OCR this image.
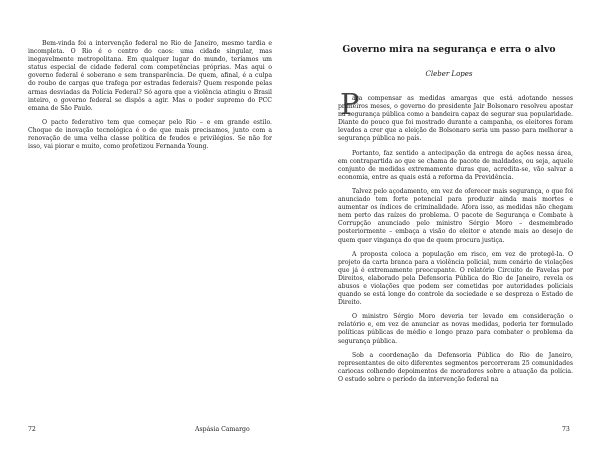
Bem-vinda foi a intervenção federal no Rio de Janeiro, mesmo tardia e incompleta. O Rio é o centro do caos: uma cidade singular, mas inegavelmente metropolitana. Em qualquer lugar do mundo, teríamos um status especial de cidade federal com competências próprias. Mas aqui o governo federal é soberano e sem transparência. De quem, afinal, é a culpa do roubo de cargas que trafega por estradas federais? Quem responde pelas armas desviadas da Polícia Federal? Só agora que a violência atingiu o Brasil inteiro, o governo federal se dispôs a agir. Mas o poder supremo do PCC emana de São Paulo.

O pacto federativo tem que começar pelo Rio – e em grande estilo. Choque de inovação tecnológica é o de que mais precisamos, junto com a renovação de uma velha classe política de feudos e privilégios. Se não for isso, vai piorar e muito, como profetizou Fernanda Young.

72	Aspásia Camargo
Governo mira na segurança e erra o alvo
Cleber Lopes
P

ara compensar as medidas amargas que está adotando nesses primeiros meses, o governo do presidente Jair Bolsonaro resolveu apostar na segurança pública como a bandeira capaz de segurar sua popularidade. Diante do pouco que foi mostrado durante a campanha, os eleitores foram levados a crer que a eleição de Bolsonaro seria um passo para melhorar a segurança pública no país.

Portanto, faz sentido a antecipação da entrega de ações nessa área, em contrapartida ao que se chama de pacote de maldades, ou seja, aquele conjunto de medidas extremamente duras que, acredita-se, vão salvar a economia, entre as quais está a reforma da Previdência.

Talvez pelo açodamento, em vez de oferecer mais segurança, o que foi anunciado tem forte potencial para produzir ainda mais mortes e aumentar os índices de criminalidade. Afora isso, as medidas não chegam nem perto das raízes do problema. O pacote de Segurança e Combate à Corrupção anunciado pelo ministro Sérgio Moro – desmembrado posteriormente – embaça a visão do eleitor e atende mais ao desejo de quem quer vingança do que de quem procura justiça.

A proposta coloca a população em risco, em vez de protegê-la. O projeto da carta branca para a violência policial, num cenário de violações que já é extremamente preocupante. O relatório Circuito de Favelas por Direitos, elaborado pela Defensoria Pública do Rio de Janeiro, revela os abusos e violações que podem ser cometidas por autoridades policiais quando se está longe do controle da sociedade e se desprezа o Estado de Direito.

O ministro Sérgio Moro deveria ter levado em consideração o relatório e, em vez de anunciar as novas medidas, poderia ter formulado políticas públicas de médio e longo prazo para combater o problema da segurança pública.

Sob a coordenação da Defensoria Pública do Rio de Janeiro, representantes de oito diferentes segmentos percorreram 25 comunidades cariocas colhendo depoimentos de moradores sobre a atuação da polícia. O estudo sobre o período da intervenção federal na

73
